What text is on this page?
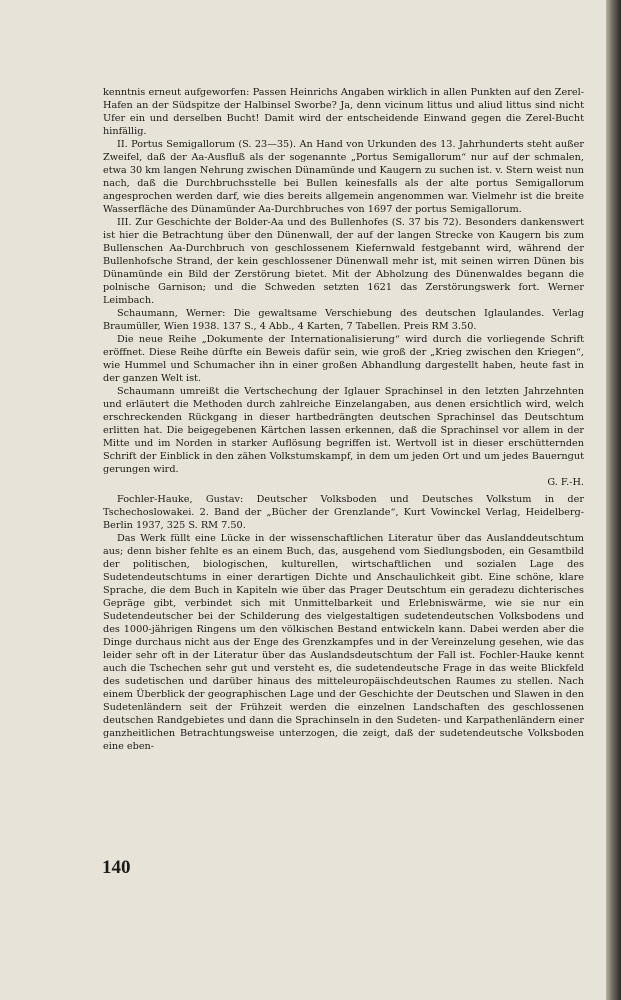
kenntnis erneut aufgeworfen: Passen Heinrichs Angaben wirklich in allen Punkten auf den Zerel-Hafen an der Südspitze der Halbinsel Sworbe? Ja, denn vicinum littus und aliud littus sind nicht Ufer ein und derselben Bucht! Damit wird der entscheidende Einwand gegen die Zerel-Bucht hinfällig.

II. Portus Semigallorum (S. 23—35). An Hand von Urkunden des 13. Jahrhunderts steht außer Zweifel, daß der Aa-Ausfluß als der sogenannte „Portus Semigallorum“ nur auf der schmalen, etwa 30 km langen Nehrung zwischen Dünamünde und Kaugern zu suchen ist. v. Stern weist nun nach, daß die Durchbruchsstelle bei Bullen keinesfalls als der alte portus Semigallorum angesprochen werden darf, wie dies bereits allgemein angenommen war. Vielmehr ist die breite Wasserfläche des Dünamünder Aa-Durchbruches von 1697 der portus Semigallorum.

III. Zur Geschichte der Bolder-Aa und des Bullenhofes (S. 37 bis 72). Besonders dankenswert ist hier die Betrachtung über den Dünenwall, der auf der langen Strecke von Kaugern bis zum Bullenschen Aa-Durchbruch von geschlossenem Kiefernwald festgebannt wird, während der Bullenhofsche Strand, der kein geschlossener Dünenwall mehr ist, mit seinen wirren Dünen bis Dünamünde ein Bild der Zerstörung bietet. Mit der Abholzung des Dünenwaldes begann die polnische Garnison; und die Schweden setzten 1621 das Zerstörungswerk fort. Werner Leimbach.

Schaumann, Werner: Die gewaltsame Verschiebung des deutschen Iglaulandes. Verlag Braumüller, Wien 1938. 137 S., 4 Abb., 4 Karten, 7 Tabellen. Preis RM 3.50.

Die neue Reihe „Dokumente der Internationalisierung“ wird durch die vorliegende Schrift eröffnet. Diese Reihe dürfte ein Beweis dafür sein, wie groß der „Krieg zwischen den Kriegen“, wie Hummel und Schumacher ihn in einer großen Abhandlung dargestellt haben, heute fast in der ganzen Welt ist.

Schaumann umreißt die Vertschechung der Iglauer Sprachinsel in den letzten Jahrzehnten und erläutert die Methoden durch zahlreiche Einzelangaben, aus denen ersichtlich wird, welch erschreckenden Rückgang in dieser hartbedrängten deutschen Sprachinsel das Deutschtum erlitten hat. Die beigegebenen Kärtchen lassen erkennen, daß die Sprachinsel vor allem in der Mitte und im Norden in starker Auflösung begriffen ist. Wertvoll ist in dieser erschütternden Schrift der Einblick in den zähen Volkstumskampf, in dem um jeden Ort und um jedes Bauerngut gerungen wird.

G. F.-H.

Fochler-Hauke, Gustav: Deutscher Volksboden und Deutsches Volkstum in der Tschechoslowakei. 2. Band der „Bücher der Grenzlande“, Kurt Vowinckel Verlag, Heidelberg-Berlin 1937, 325 S. RM 7.50.

Das Werk füllt eine Lücke in der wissenschaftlichen Literatur über das Auslanddeutschtum aus; denn bisher fehlte es an einem Buch, das, ausgehend vom Siedlungsboden, ein Gesamtbild der politischen, biologischen, kulturellen, wirtschaftlichen und sozialen Lage des Sudetendeutschtums in einer derartigen Dichte und Anschaulichkeit gibt. Eine schöne, klare Sprache, die dem Buch in Kapiteln wie über das Prager Deutschtum ein geradezu dichterisches Gepräge gibt, verbindet sich mit Unmittelbarkeit und Erlebniswärme, wie sie nur ein Sudetendeutscher bei der Schilderung des vielgestaltigen sudetendeutschen Volksbodens und des 1000-jährigen Ringens um den völkischen Bestand entwickeln kann. Dabei werden aber die Dinge durchaus nicht aus der Enge des Grenzkampfes und in der Vereinzelung gesehen, wie das leider sehr oft in der Literatur über das Auslandsdeutschtum der Fall ist. Fochler-Hauke kennt auch die Tschechen sehr gut und versteht es, die sudetendeutsche Frage in das weite Blickfeld des sudetischen und darüber hinaus des mitteleuropäischdeutschen Raumes zu stellen. Nach einem Überblick der geographischen Lage und der Geschichte der Deutschen und Slawen in den Sudetenländern seit der Frühzeit werden die einzelnen Landschaften des geschlossenen deutschen Randgebietes und dann die Sprachinseln in den Sudeten- und Karpathenländern einer ganzheitlichen Betrachtungsweise unterzogen, die zeigt, daß der sudetendeutsche Volksboden eine eben-

140
